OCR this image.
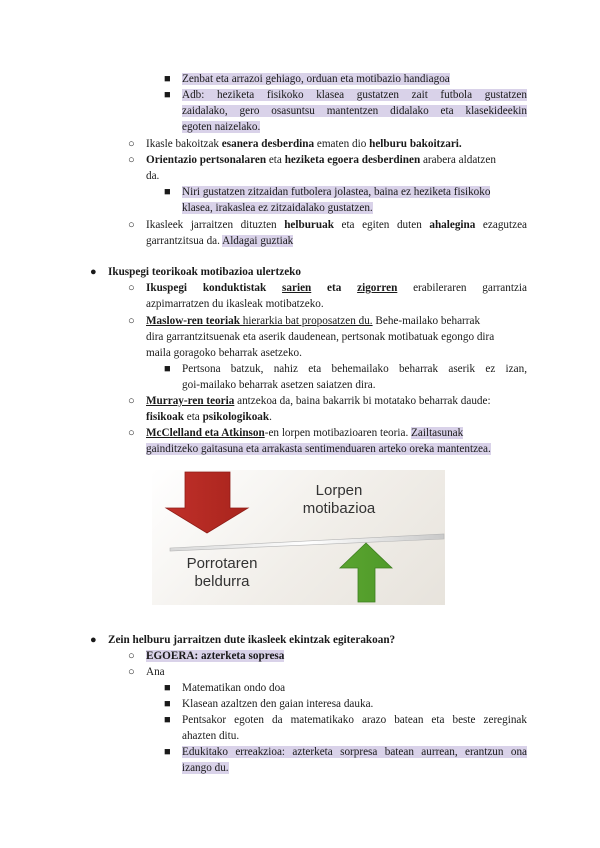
■ Zenbat eta arrazoi gehiago, orduan eta motibazio handiagoa
■ Adb: heziketa fisikoko klasea gustatzen zait futbola gustatzen
zaidalako, gero osasuntsu mantentzen didalako eta klasekideekin
egoten naizelako.
○ Ikasle bakoitzak esanera desberdina ematen dio helburu bakoitzari.
○ Orientazio pertsonalaren eta heziketa egoera desberdinen arabera aldatzen
da.
■ Niri gustatzen zitzaidan futbolera jolastea, baina ez heziketa fisikoko
klasea, irakaslea ez zitzaidalako gustatzen.
○ Ikasleek jarraitzen dituzten helburuak eta egiten duten ahalegina ezagutzea
garrantzitsua da. Aldagai guztiak
● Ikuspegi teorikoak motibazioa ulertzeko
○ Ikuspegi konduktistak sarien eta zigorren erabileraren garrantzia
azpimarratzen du ikasleak motibatzeko.
○ Maslow-ren teoriak hierarkia bat proposatzen du. Behe-mailako beharrak
dira garrantzitsuenak eta aserik daudenean, pertsonak motibatuak egongo dira
maila goragoko beharrak asetzeko.
■ Pertsona batzuk, nahiz eta behemailako beharrak aserik ez izan,
goi-mailako beharrak asetzen saiatzen dira.
○ Murray-ren teoria antzekoa da, baina bakarrik bi motatako beharrak daude:
fisikoak eta psikologikoak.
○ McClelland eta Atkinson-en lorpen motibazioaren teoria. Zailtasunak
gainditzeko gaitasuna eta arrakasta sentimenduaren arteko oreka mantentzea.
Lorpen motibazioa
Porrotaren beldurra
● Zein helburu jarraitzen dute ikasleek ekintzak egiterakoan?
○ EGOERA: azterketa sopresa
○ Ana
■ Matematikan ondo doa
■ Klasean azaltzen den gaian interesa dauka.
■ Pentsakor egoten da matematikako arazo batean eta beste zereginak
ahazten ditu.
■ Edukitako erreakzioa: azterketa sorpresa batean aurrean, erantzun ona
izango du.
